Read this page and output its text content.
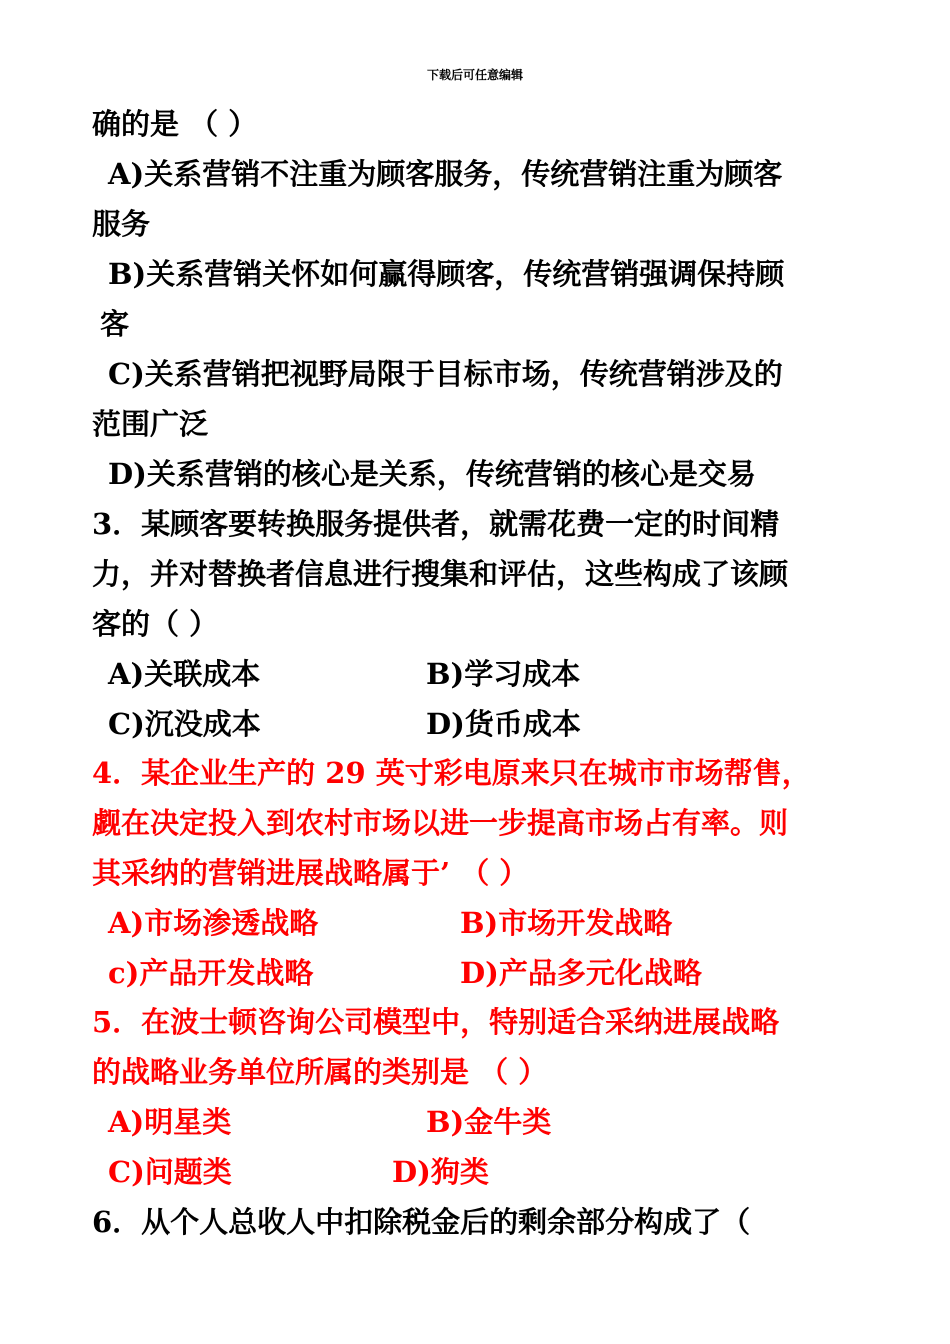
下载后可任意编辑
确的是 （ ）
A)关系营销不注重为顾客服务，传统营销注重为顾客
服务
B)关系营销关怀如何赢得顾客，传统营销强调保持顾
客
C)关系营销把视野局限于目标市场，传统营销涉及的
范围广泛
D)关系营销的核心是关系，传统营销的核心是交易
3．某顾客要转换服务提供者，就需花费一定的时间精
力，并对替换者信息进行搜集和评估，这些构成了该顾
客的（ ）
A)关联成本	B)学习成本
C)沉没成本	D)货币成本
4．某企业生产的 29 英寸彩电原来只在城市市场帮售，
觑在决定投入到农村市场以进一步提高市场占有率。则
其采纳的营销进展战略属于’ （ ）
A)市场渗透战略	B)市场开发战略
c)产品开发战略	D)产品多元化战略
5．在波士顿咨询公司模型中，特别适合采纳进展战略
的战略业务单位所属的类别是 （ ）
A)明星类	B)金牛类
C)问题类	D)狗类
6．从个人总收人中扣除税金后的剩余部分构成了（
